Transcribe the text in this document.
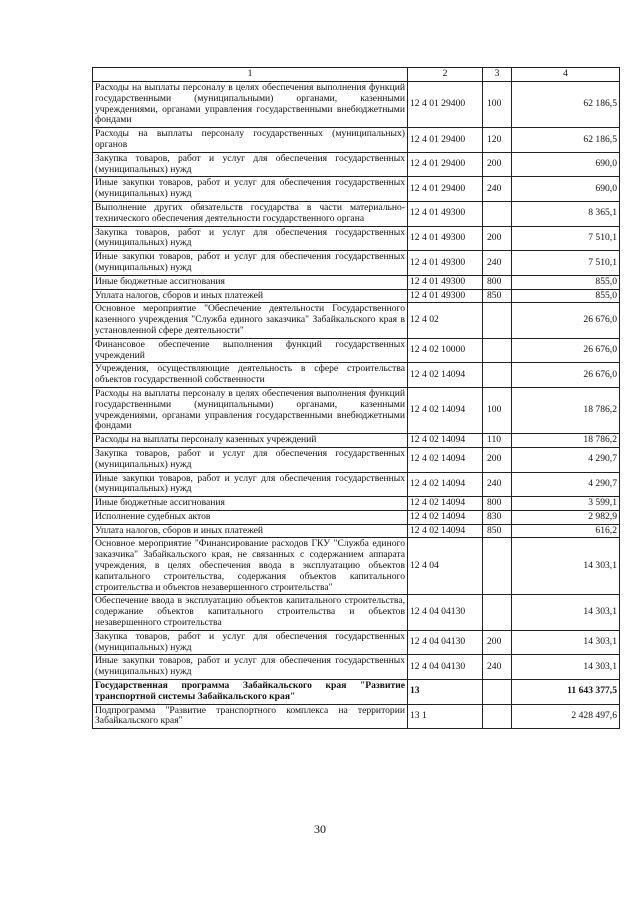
1	2	3	4
Расходы на выплаты персоналу в целях обеспечения выполнения функций государственными (муниципальными) органами, казенными учреждениями, органами управления государственными внебюджетными фондами	12 4 01 29400	100	62 186,5
Расходы на выплаты персоналу государственных (муниципальных) органов	12 4 01 29400	120	62 186,5
Закупка товаров, работ и услуг для обеспечения государственных (муниципальных) нужд	12 4 01 29400	200	690,0
Иные закупки товаров, работ и услуг для обеспечения государственных (муниципальных) нужд	12 4 01 29400	240	690,0
Выполнение других обязательств государства в части материально-технического обеспечения деятельности государственного органа	12 4 01 49300		8 365,1
Закупка товаров, работ и услуг для обеспечения государственных (муниципальных) нужд	12 4 01 49300	200	7 510,1
Иные закупки товаров, работ и услуг для обеспечения государственных (муниципальных) нужд	12 4 01 49300	240	7 510,1
Иные бюджетные ассигнования	12 4 01 49300	800	855,0
Уплата налогов, сборов и иных платежей	12 4 01 49300	850	855,0
Основное мероприятие "Обеспечение деятельности Государственного казенного учреждения "Служба единого заказчика" Забайкальского края в установленной сфере деятельности"	12 4 02		26 676,0
Финансовое обеспечение выполнения функций государственных учреждений	12 4 02 10000		26 676,0
Учреждения, осуществляющие деятельность в сфере строительства объектов государственной собственности	12 4 02 14094		26 676,0
Расходы на выплаты персоналу в целях обеспечения выполнения функций государственными (муниципальными) органами, казенными учреждениями, органами управления государственными внебюджетными фондами	12 4 02 14094	100	18 786,2
Расходы на выплаты персоналу казенных учреждений	12 4 02 14094	110	18 786,2
Закупка товаров, работ и услуг для обеспечения государственных (муниципальных) нужд	12 4 02 14094	200	4 290,7
Иные закупки товаров, работ и услуг для обеспечения государственных (муниципальных) нужд	12 4 02 14094	240	4 290,7
Иные бюджетные ассигнования	12 4 02 14094	800	3 599,1
Исполнение судебных актов	12 4 02 14094	830	2 982,9
Уплата налогов, сборов и иных платежей	12 4 02 14094	850	616,2
Основное мероприятие "Финансирование расходов ГКУ "Служба единого заказчика" Забайкальского края, не связанных с содержанием аппарата учреждения, в целях обеспечения ввода в эксплуатацию объектов капитального строительства, содержания объектов капитального строительства и объектов незавершенного строительства"	12 4 04		14 303,1
Обеспечение ввода в эксплуатацию объектов капитального строительства, содержание объектов капитального строительства и объектов незавершенного строительства	12 4 04 04130		14 303,1
Закупка товаров, работ и услуг для обеспечения государственных (муниципальных) нужд	12 4 04 04130	200	14 303,1
Иные закупки товаров, работ и услуг для обеспечения государственных (муниципальных) нужд	12 4 04 04130	240	14 303,1
Государственная программа Забайкальского края "Развитие транспортной системы Забайкальского края"	13		11 643 377,5
Подпрограмма "Развитие транспортного комплекса на территории Забайкальского края"	13 1		2 428 497,6
30
